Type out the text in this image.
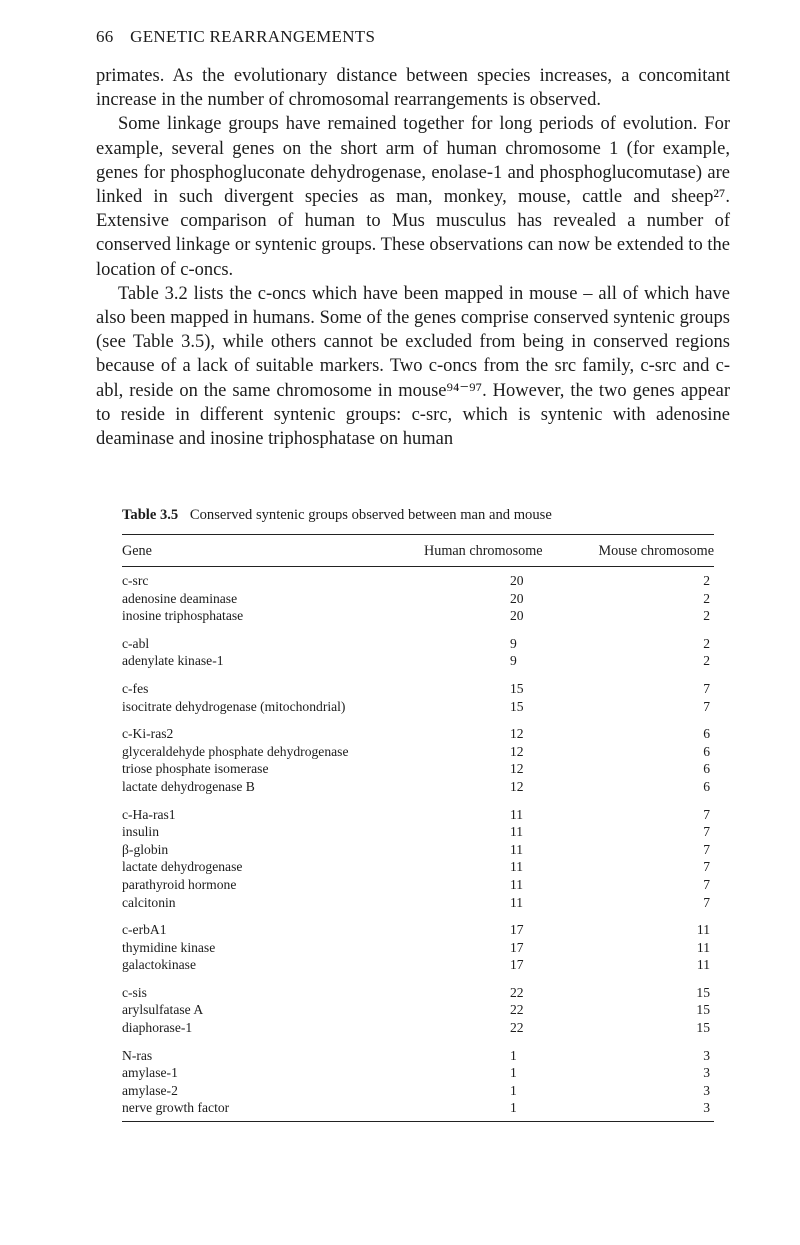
66 GENETIC REARRANGEMENTS

primates. As the evolutionary distance between species increases, a concomitant increase in the number of chromosomal rearrangements is observed.

Some linkage groups have remained together for long periods of evolution. For example, several genes on the short arm of human chromosome 1 (for example, genes for phosphogluconate dehydrogenase, enolase-1 and phosphoglucomutase) are linked in such divergent species as man, monkey, mouse, cattle and sheep²⁷. Extensive comparison of human to Mus musculus has revealed a number of conserved linkage or syntenic groups. These observations can now be extended to the location of c-oncs.

Table 3.2 lists the c-oncs which have been mapped in mouse – all of which have also been mapped in humans. Some of the genes comprise conserved syntenic groups (see Table 3.5), while others cannot be excluded from being in conserved regions because of a lack of suitable markers. Two c-oncs from the src family, c-src and c-abl, reside on the same chromosome in mouse⁹⁴⁻⁹⁷. However, the two genes appear to reside in different syntenic groups: c-src, which is syntenic with adenosine deaminase and inosine triphosphatase on human

Table 3.5 Conserved syntenic groups observed between man and mouse
Gene	Human chromosome	Mouse chromosome
c-src	20	2
adenosine deaminase	20	2
inosine triphosphatase	20	2
c-abl	9	2
adenylate kinase-1	9	2
c-fes	15	7
isocitrate dehydrogenase (mitochondrial)	15	7
c-Ki-ras2	12	6
glyceraldehyde phosphate dehydrogenase	12	6
triose phosphate isomerase	12	6
lactate dehydrogenase B	12	6
c-Ha-ras1	11	7
insulin	11	7
β-globin	11	7
lactate dehydrogenase	11	7
parathyroid hormone	11	7
calcitonin	11	7
c-erbA1	17	11
thymidine kinase	17	11
galactokinase	17	11
c-sis	22	15
arylsulfatase A	22	15
diaphorase-1	22	15
N-ras	1	3
amylase-1	1	3
amylase-2	1	3
nerve growth factor	1	3
